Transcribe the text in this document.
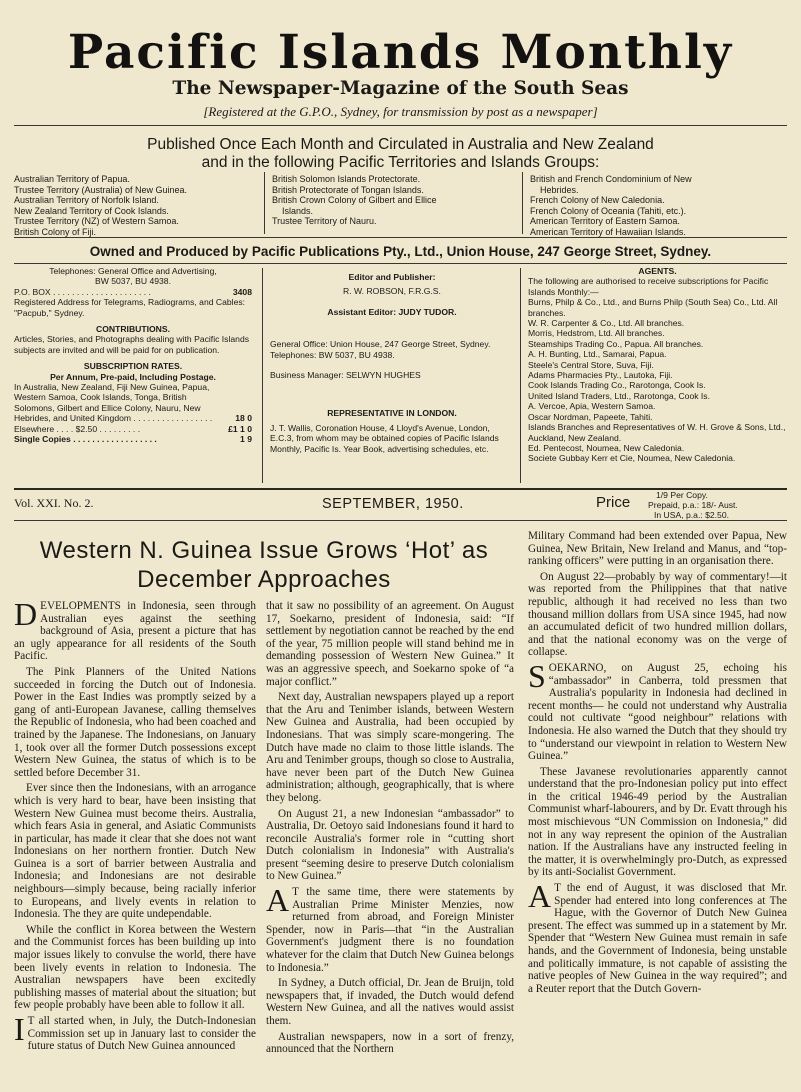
Pacific Islands Monthly
The Newspaper-Magazine of the South Seas
[Registered at the G.P.O., Sydney, for transmission by post as a newspaper]
Published Once Each Month and Circulated in Australia and New Zealand
and in the following Pacific Territories and Islands Groups:
Australian Territory of Papua.
Trustee Territory (Australia) of New Guinea.
Australian Territory of Norfolk Island.
New Zealand Territory of Cook Islands.
Trustee Territory (NZ) of Western Samoa.
British Colony of Fiji.
British Solomon Islands Protectorate.
British Protectorate of Tongan Islands.
British Crown Colony of Gilbert and Ellice
Islands.
Trustee Territory of Nauru.
British and French Condominium of New
Hebrides.
French Colony of New Caledonia.
French Colony of Oceania (Tahiti, etc.).
American Territory of Eastern Samoa.
American Territory of Hawaiian Islands.
Owned and Produced by Pacific Publications Pty., Ltd., Union House, 247 George Street, Sydney.
Telephones: General Office and Advertising,
BW 5037, BU 4938.
P.O. BOX . . . . . . . . . . . . . . . . . . . . .	3408
Registered Address for Telegrams, Radiograms, and Cables: "Pacpub," Sydney.
CONTRIBUTIONS.
Articles, Stories, and Photographs dealing with Pacific Islands subjects are invited and will be paid for on publication.
SUBSCRIPTION RATES.
Per Annum, Pre-paid, Including Postage.
In Australia, New Zealand, Fiji New Guinea, Papua, Western Samoa, Cook Islands, Tonga, British Solomons, Gilbert and Ellice Colony, Nauru, New Hebrides, and United Kingdom . . . . . . . . . . . . . . . . .	18 0
Elsewhere . . . . $2.50 . . . . . . . . .	£1 1 0
Single Copies . . . . . . . . . . . . . . . . . .	1 9
Editor and Publisher:
R. W. ROBSON, F.R.G.S.
Assistant Editor: JUDY TUDOR.
General Office: Union House, 247 George Street, Sydney. Telephones: BW 5037, BU 4938.
Business Manager: SELWYN HUGHES
REPRESENTATIVE IN LONDON.
J. T. Wallis, Coronation House, 4 Lloyd's Avenue, London, E.C.3, from whom may be obtained copies of Pacific Islands Monthly, Pacific Is. Year Book, advertising schedules, etc.
AGENTS.
The following are authorised to receive subscriptions for Pacific Islands Monthly:—
Burns, Philp & Co., Ltd., and Burns Philp (South Sea) Co., Ltd. All branches.
W. R. Carpenter & Co., Ltd. All branches.
Morris, Hedstrom, Ltd. All branches.
Steamships Trading Co., Papua. All branches.
A. H. Bunting, Ltd., Samarai, Papua.
Steele's Central Store, Suva, Fiji.
Adams Pharmacies Pty., Lautoka, Fiji.
Cook Islands Trading Co., Rarotonga, Cook Is.
United Island Traders, Ltd., Rarotonga, Cook Is.
A. Vercoe, Apia, Western Samoa.
Oscar Nordman, Papeete, Tahiti.
Islands Branches and Representatives of W. H. Grove & Sons, Ltd., Auckland, New Zealand.
Ed. Pentecost, Noumea, New Caledonia.
Societe Gubbay Kerr et Cie, Noumea, New Caledonia.
Vol. XXI. No. 2.	SEPTEMBER, 1950.	Price	1/9 Per Copy.
Prepaid, p.a.: 18/- Aust.
In USA, p.a.: $2.50.
Western N. Guinea Issue Grows ‘Hot’ as
December Approaches

DEVELOPMENTS in Indonesia, seen through Australian eyes against the seething background of Asia, present a picture that has an ugly appearance for all residents of the South Pacific.

The Pink Planners of the United Nations succeeded in forcing the Dutch out of Indonesia. Power in the East Indies was promptly seized by a gang of anti-European Javanese, calling themselves the Republic of Indonesia, who had been coached and trained by the Japanese. The Indonesians, on January 1, took over all the former Dutch possessions except Western New Guinea, the status of which is to be settled before December 31.

Ever since then the Indonesians, with an arrogance which is very hard to bear, have been insisting that Western New Guinea must become theirs. Australia, which fears Asia in general, and Asiatic Communists in particular, has made it clear that she does not want Indonesians on her northern frontier. Dutch New Guinea is a sort of barrier between Australia and Indonesia; and Indonesians are not desirable neighbours—simply because, being racially inferior to Europeans, and lively events in relation to Indonesia. The they are quite undependable.

While the conflict in Korea between the Western and the Communist forces has been building up into major issues likely to convulse the world, there have been lively events in relation to Indonesia. The Australian newspapers have been excitedly publishing masses of material about the situation; but few people probably have been able to follow it all.

IT all started when, in July, the Dutch-Indonesian Commission set up in January last to consider the future status of Dutch New Guinea announced

that it saw no possibility of an agreement. On August 17, Soekarno, president of Indonesia, said: “If settlement by negotiation cannot be reached by the end of the year, 75 million people will stand behind me in demanding possession of Western New Guinea.” It was an aggressive speech, and Soekarno spoke of “a major conflict.”

Next day, Australian newspapers played up a report that the Aru and Tenimber islands, between Western New Guinea and Australia, had been occupied by Indonesians. That was simply scare-mongering. The Dutch have made no claim to those little islands. The Aru and Tenimber groups, though so close to Australia, have never been part of the Dutch New Guinea administration; although, geographically, that is where they belong.

On August 21, a new Indonesian “ambassador” to Australia, Dr. Oetoyo said Indonesians found it hard to reconcile Australia's former role in “cutting short Dutch colonialism in Indonesia” with Australia's present “seeming desire to preserve Dutch colonialism to New Guinea.”

AT the same time, there were statements by Australian Prime Minister Menzies, now returned from abroad, and Foreign Minister Spender, now in Paris—that “in the Australian Government's judgment there is no foundation whatever for the claim that Dutch New Guinea belongs to Indonesia.”

In Sydney, a Dutch official, Dr. Jean de Bruijn, told newspapers that, if invaded, the Dutch would defend Western New Guinea, and all the natives would assist them.

Australian newspapers, now in a sort of frenzy, announced that the Northern

Military Command had been extended over Papua, New Guinea, New Britain, New Ireland and Manus, and “top-ranking officers” were putting in an organisation there.

On August 22—probably by way of commentary!—it was reported from the Philippines that that native republic, although it had received no less than two thousand million dollars from USA since 1945, had now an accumulated deficit of two hundred million dollars, and that the national economy was on the verge of collapse.

SOEKARNO, on August 25, echoing his “ambassador” in Canberra, told pressmen that Australia's popularity in Indonesia had declined in recent months— he could not understand why Australia could not cultivate “good neighbour” relations with Indonesia. He also warned the Dutch that they should try to “understand our viewpoint in relation to Western New Guinea.”

These Javanese revolutionaries apparently cannot understand that the pro-Indonesian policy put into effect in the critical 1946-49 period by the Australian Communist wharf-labourers, and by Dr. Evatt through his most mischievous “UN Commission on Indonesia,” did not in any way represent the opinion of the Australian nation. If the Australians have any instructed feeling in the matter, it is overwhelmingly pro-Dutch, as expressed by its anti-Socialist Government.

AT the end of August, it was disclosed that Mr. Spender had entered into long conferences at The Hague, with the Governor of Dutch New Guinea present. The effect was summed up in a statement by Mr. Spender that “Western New Guinea must remain in safe hands, and the Government of Indonesia, being unstable and politically immature, is not capable of assisting the native peoples of New Guinea in the way required”; and a Reuter report that the Dutch Govern-
